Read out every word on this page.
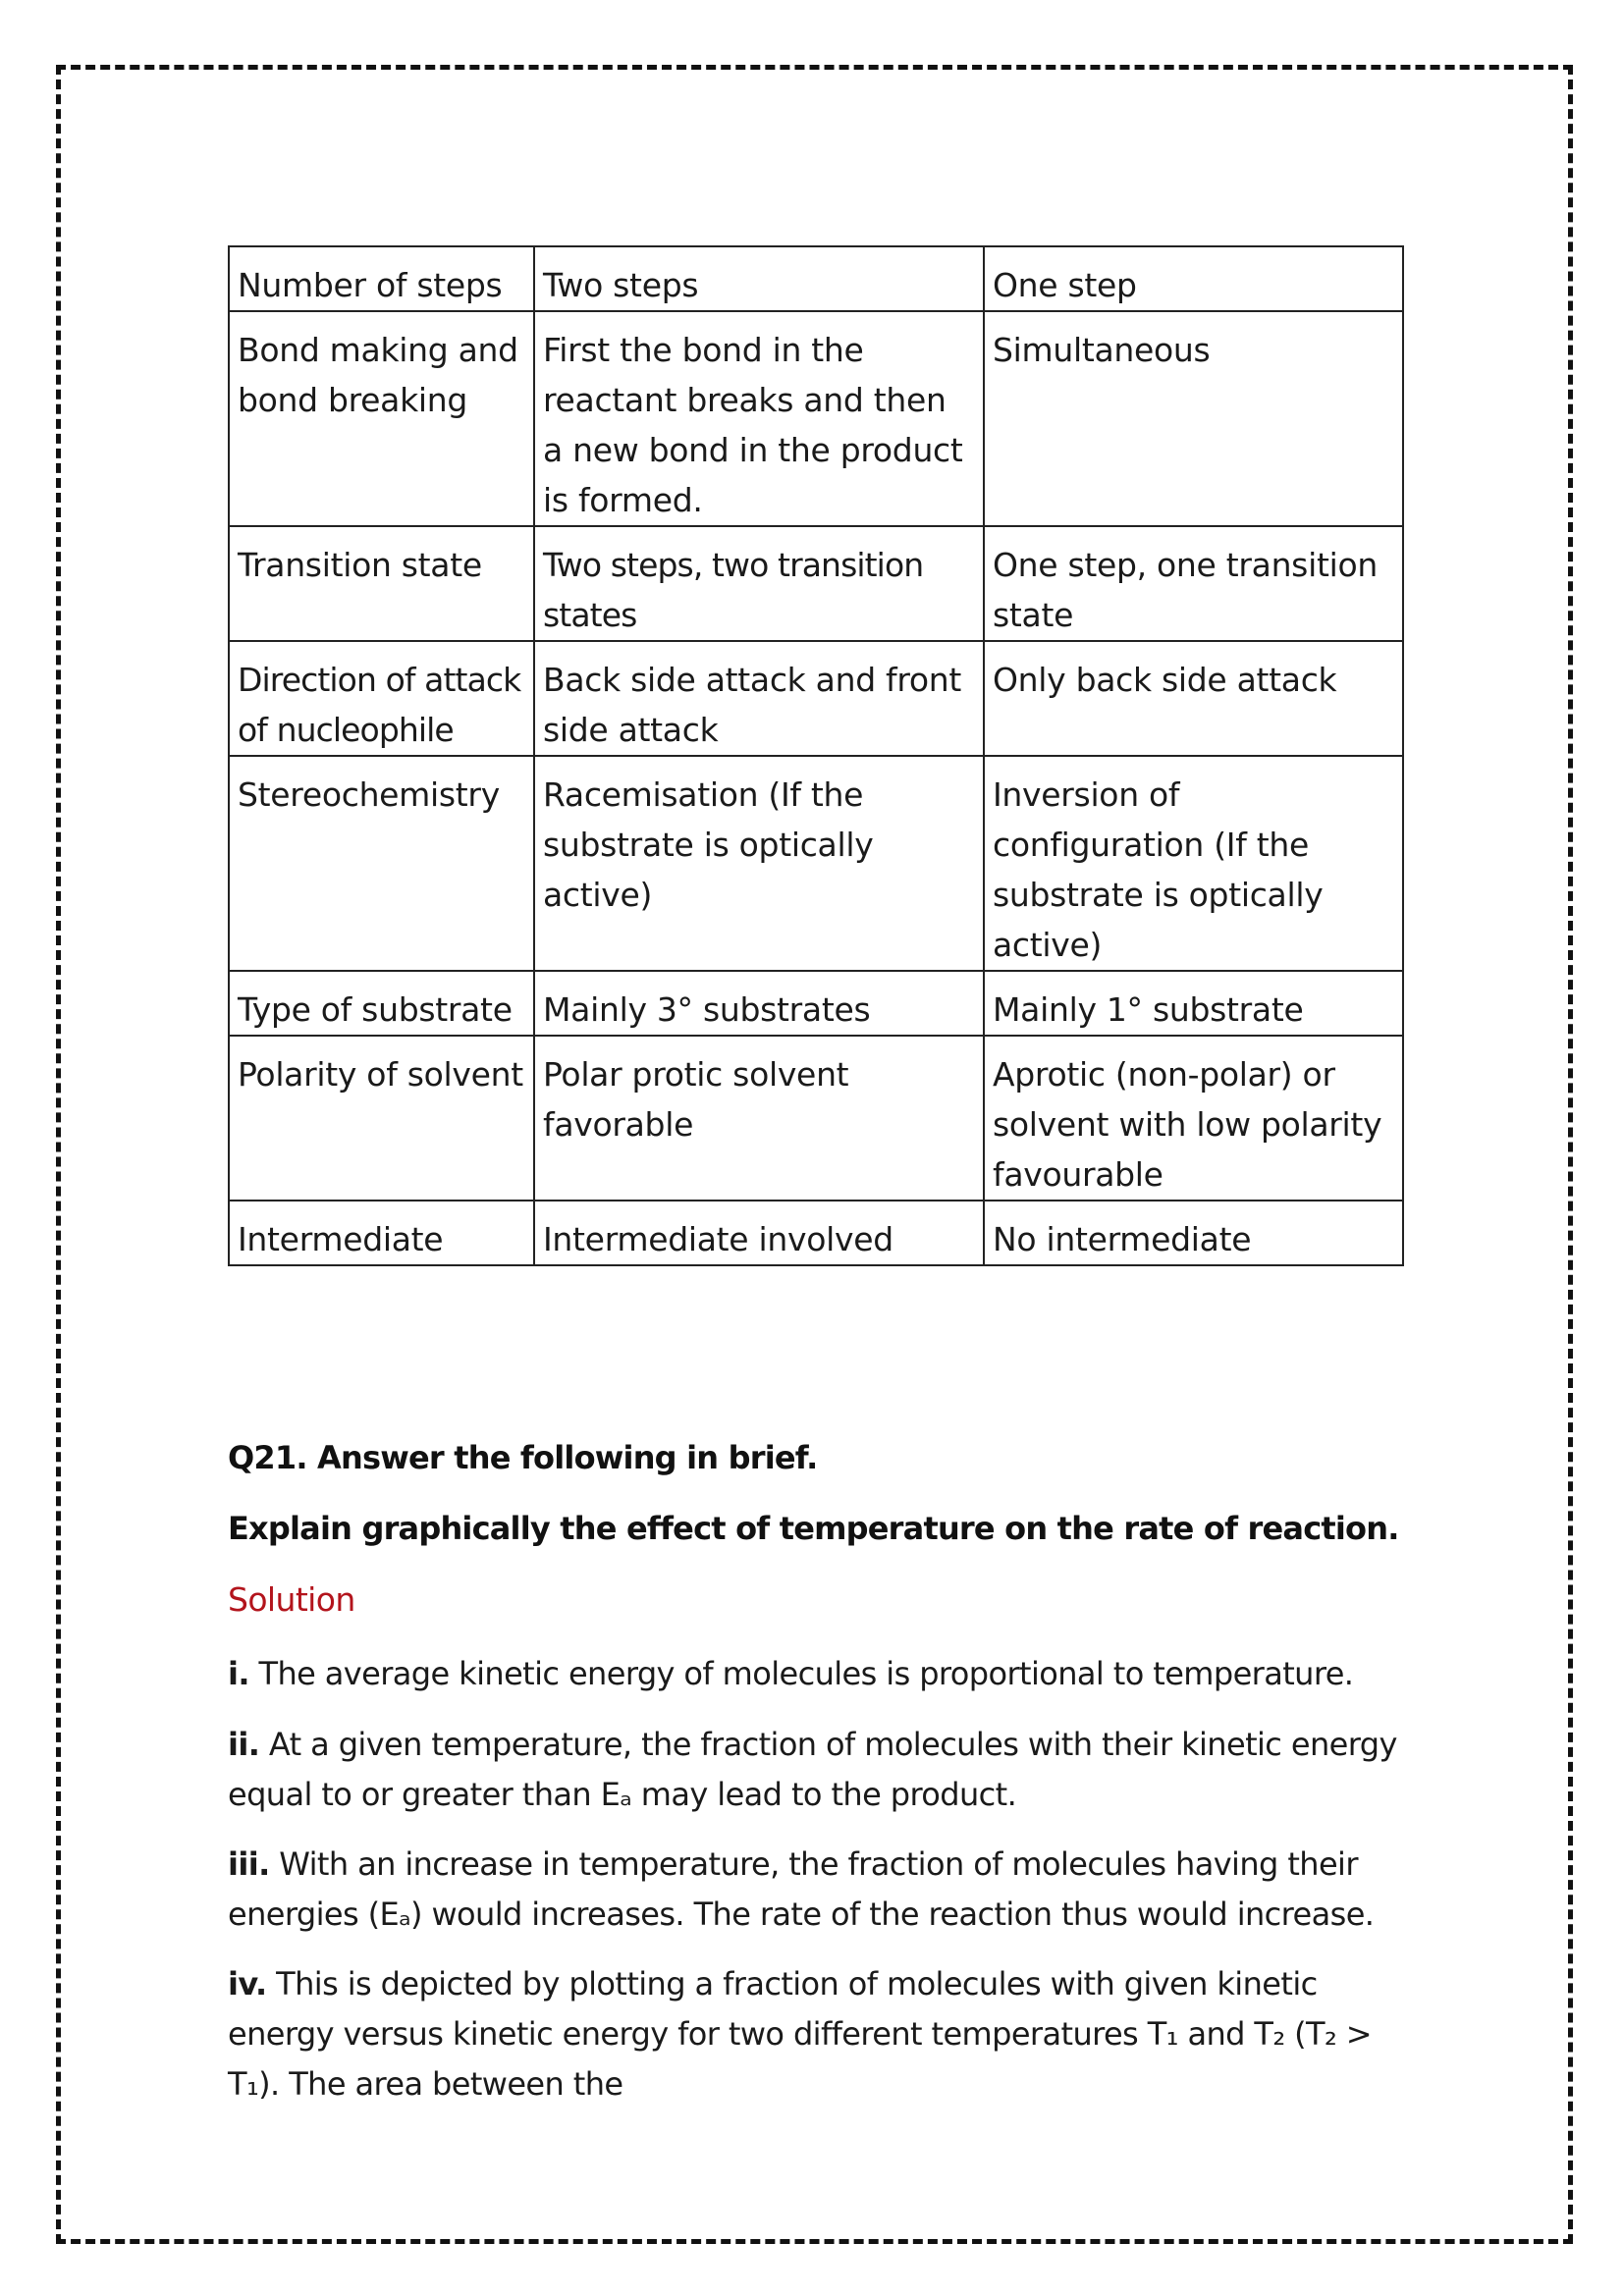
Number of steps	Two steps	One step
Bond making and bond breaking	First the bond in the reactant breaks and then a new bond in the product is formed.	Simultaneous
Transition state	Two steps, two transition states	One step, one transition state
Direction of attack of nucleophile	Back side attack and front side attack	Only back side attack
Stereochemistry	Racemisation (If the substrate is optically active)	Inversion of configuration (If the substrate is optically active)
Type of substrate	Mainly 3° substrates	Mainly 1° substrate
Polarity of solvent	Polar protic solvent favorable	Aprotic (non-polar) or solvent with low polarity favourable
Intermediate	Intermediate involved	No intermediate
Q21. Answer the following in brief.
Explain graphically the effect of temperature on the rate of reaction.
Solution
i. The average kinetic energy of molecules is proportional to temperature.
ii. At a given temperature, the fraction of molecules with their kinetic energy equal to or greater than Eₐ may lead to the product.
iii. With an increase in temperature, the fraction of molecules having their energies (Eₐ) would increases. The rate of the reaction thus would increase.
iv. This is depicted by plotting a fraction of molecules with given kinetic energy versus kinetic energy for two different temperatures T₁ and T₂ (T₂ > T₁). The area between the
